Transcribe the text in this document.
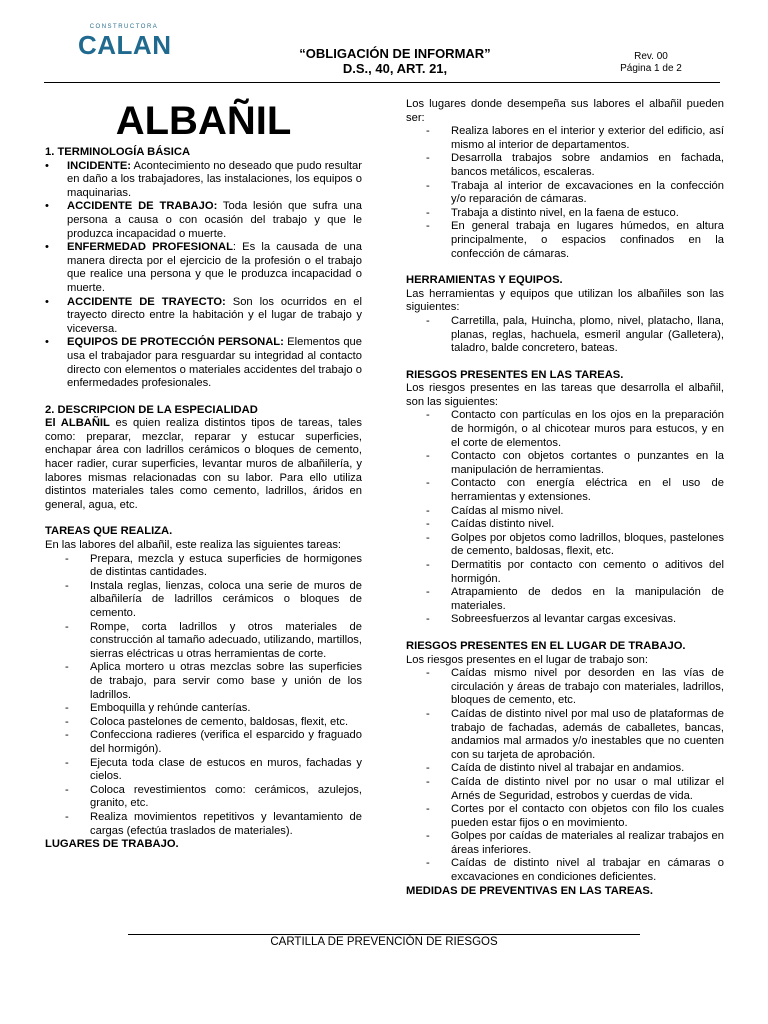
CONSTRUCTORA
CALAN	“OBLIGACIÓN DE INFORMAR”
D.S., 40, ART. 21,
Rev. 00
Página 1 de 2
ALBAÑIL
1. TERMINOLOGÍA BÁSICA
• INCIDENTE: Acontecimiento no deseado que pudo resultar en daño a los trabajadores, las instalaciones, los equipos o maquinarias.
• ACCIDENTE DE TRABAJO: Toda lesión que sufra una persona a causa o con ocasión del trabajo y que le produzca incapacidad o muerte.
• ENFERMEDAD PROFESIONAL: Es la causada de una manera directa por el ejercicio de la profesión o el trabajo que realice una persona y que le produzca incapacidad o muerte.
• ACCIDENTE DE TRAYECTO: Son los ocurridos en el trayecto directo entre la habitación y el lugar de trabajo y viceversa.
• EQUIPOS DE PROTECCIÓN PERSONAL: Elementos que usa el trabajador para resguardar su integridad al contacto directo con elementos o materiales accidentes del trabajo o enfermedades profesionales.
2. DESCRIPCION DE LA ESPECIALIDAD

El ALBAÑIL es quien realiza distintos tipos de tareas, tales como: preparar, mezclar, reparar y estucar superficies, enchapar área con ladrillos cerámicos o bloques de cemento, hacer radier, curar superficies, levantar muros de albañilería, y labores mismas relacionadas con su labor. Para ello utiliza distintos materiales tales como cemento, ladrillos, áridos en general, agua, etc.

TAREAS QUE REALIZA.

En las labores del albañil, este realiza las siguientes tareas:

- Prepara, mezcla y estuca superficies de hormigones de distintas cantidades.
- Instala reglas, lienzas, coloca una serie de muros de albañilería de ladrillos cerámicos o bloques de cemento.
- Rompe, corta ladrillos y otros materiales de construcción al tamaño adecuado, utilizando, martillos, sierras eléctricas u otras herramientas de corte.
- Aplica mortero u otras mezclas sobre las superficies de trabajo, para servir como base y unión de los ladrillos.
- Emboquilla y rehúnde canterías.
- Coloca pastelones de cemento, baldosas, flexit, etc.
- Confecciona radieres (verifica el esparcido y fraguado del hormigón).
- Ejecuta toda clase de estucos en muros, fachadas y cielos.
- Coloca revestimientos como: cerámicos, azulejos, granito, etc.
- Realiza movimientos repetitivos y levantamiento de cargas (efectúa traslados de materiales).
LUGARES DE TRABAJO.

Los lugares donde desempeña sus labores el albañil pueden ser:

- Realiza labores en el interior y exterior del edificio, así mismo al interior de departamentos.
- Desarrolla trabajos sobre andamios en fachada, bancos metálicos, escaleras.
- Trabaja al interior de excavaciones en la confección y/o reparación de cámaras.
- Trabaja a distinto nivel, en la faena de estuco.
- En general trabaja en lugares húmedos, en altura principalmente, o espacios confinados en la confección de cámaras.
HERRAMIENTAS Y EQUIPOS.

Las herramientas y equipos que utilizan los albañiles son las siguientes:

- Carretilla, pala, Huincha, plomo, nivel, platacho, llana, planas, reglas, hachuela, esmeril angular (Galletera), taladro, balde concretero, bateas.
RIESGOS PRESENTES EN LAS TAREAS.

Los riesgos presentes en las tareas que desarrolla el albañil, son las siguientes:

- Contacto con partículas en los ojos en la preparación de hormigón, o al chicotear muros para estucos, y en el corte de elementos.
- Contacto con objetos cortantes o punzantes en la manipulación de herramientas.
- Contacto con energía eléctrica en el uso de herramientas y extensiones.
- Caídas al mismo nivel.
- Caídas distinto nivel.
- Golpes por objetos como ladrillos, bloques, pastelones de cemento, baldosas, flexit, etc.
- Dermatitis por contacto con cemento o aditivos del hormigón.
- Atrapamiento de dedos en la manipulación de materiales.
- Sobreesfuerzos al levantar cargas excesivas.
RIESGOS PRESENTES EN EL LUGAR DE TRABAJO.

Los riesgos presentes en el lugar de trabajo son:

- Caídas mismo nivel por desorden en las vías de circulación y áreas de trabajo con materiales, ladrillos, bloques de cemento, etc.
- Caídas de distinto nivel por mal uso de plataformas de trabajo de fachadas, además de caballetes, bancas, andamios mal armados y/o inestables que no cuenten con su tarjeta de aprobación.
- Caída de distinto nivel al trabajar en andamios.
- Caída de distinto nivel por no usar o mal utilizar el Arnés de Seguridad, estrobos y cuerdas de vida.
- Cortes por el contacto con objetos con filo los cuales pueden estar fijos o en movimiento.
- Golpes por caídas de materiales al realizar trabajos en áreas inferiores.
- Caídas de distinto nivel al trabajar en cámaras o excavaciones en condiciones deficientes.
MEDIDAS DE PREVENTIVAS EN LAS TAREAS.
CARTILLA DE PREVENCIÓN DE RIESGOS
